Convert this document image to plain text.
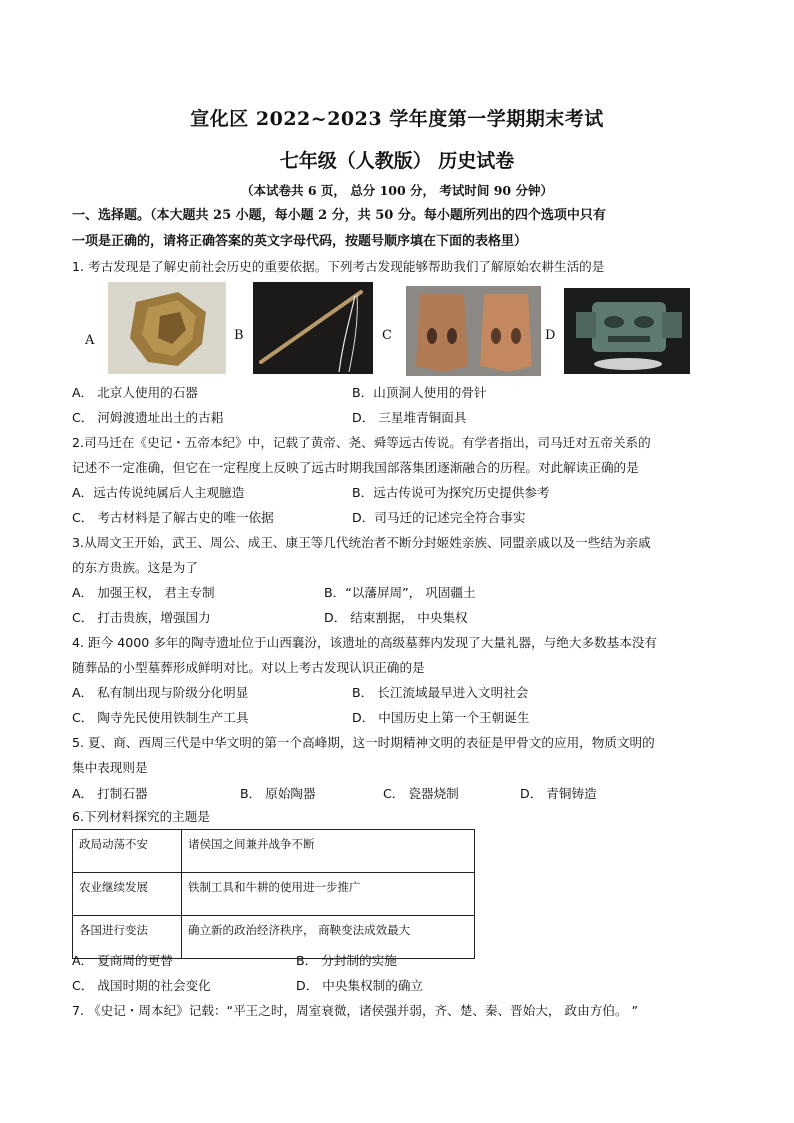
宣化区 2022~2023 学年度第一学期期末考试
七年级（人教版） 历史试卷
（本试卷共 6 页， 总分 100 分， 考试时间 90 分钟）
一、选择题。（本大题共 25 小题，每小题 2 分，共 50 分。每小题所列出的四个选项中只有
一项是正确的，请将正确答案的英文字母代码，按题号顺序填在下面的表格里）
1. 考古发现是了解史前社会历史的重要依据。下列考古发现能够帮助我们了解原始农耕生活的是
A	B	C	D
A． 北京人使用的石器	B．山顶洞人使用的骨针
C． 河姆渡遗址出土的古耜	D． 三星堆青铜面具
2.司马迁在《史记・五帝本纪》中，记载了黄帝、尧、舜等远古传说。有学者指出，司马迁对五帝关系的
记述不一定准确，但它在一定程度上反映了远古时期我国部落集团逐渐融合的历程。对此解读正确的是
A．远古传说纯属后人主观臆造	B．远古传说可为探究历史提供参考
C． 考古材料是了解古史的唯一依据	D．司马迁的记述完全符合事实
3.从周文王开始，武王、周公、成王、康王等几代统治者不断分封姬姓亲族、同盟亲戚以及一些结为亲戚
的东方贵族。这是为了
A． 加强王权， 君主专制	B．“以藩屏周”， 巩固疆土
C． 打击贵族，增强国力	D． 结束割据， 中央集权
4. 距今 4000 多年的陶寺遗址位于山西襄汾，该遗址的高级墓葬内发现了大量礼器，与绝大多数基本没有
随葬品的小型墓葬形成鲜明对比。对以上考古发现认识正确的是
A． 私有制出现与阶级分化明显	B． 长江流域最早进入文明社会
C． 陶寺先民使用铁制生产工具	D． 中国历史上第一个王朝诞生
5. 夏、商、西周三代是中华文明的第一个高峰期，这一时期精神文明的表征是甲骨文的应用，物质文明的
集中表现则是
A． 打制石器	B． 原始陶器	C． 瓷器烧制	D． 青铜铸造
6.下列材料探究的主题是
政局动荡不安	诸侯国之间兼并战争不断
农业继续发展	铁制工具和牛耕的使用进一步推广
各国进行变法	确立新的政治经济秩序， 商鞅变法成效最大
A． 夏商周的更替	B． 分封制的实施
C． 战国时期的社会变化	D． 中央集权制的确立
7. 《史记・周本纪》记载：“平王之时，周室衰微，诸侯强并弱，齐、楚、秦、晋始大， 政由方伯。 ”
